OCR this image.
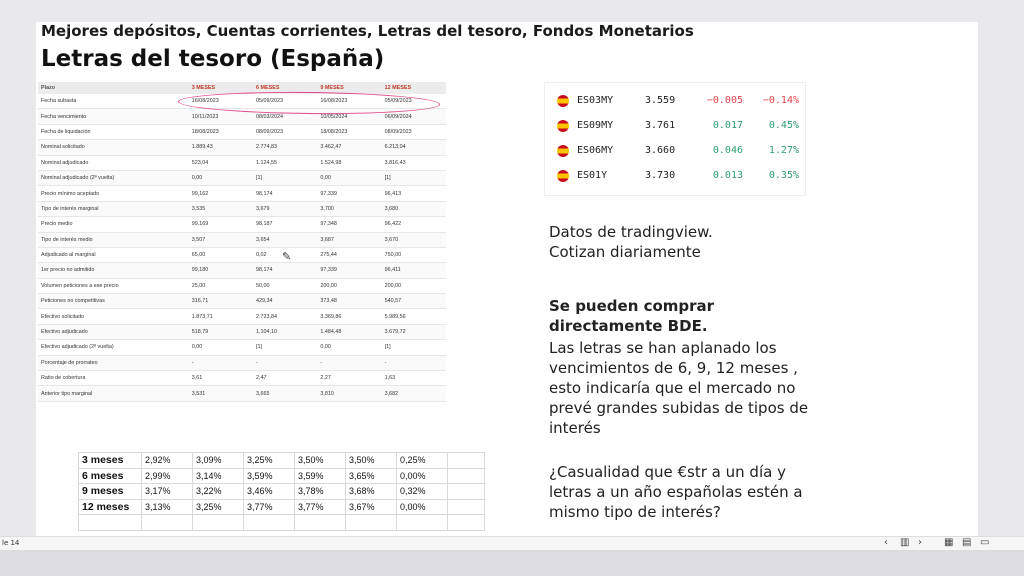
Mejores depósitos, Cuentas corrientes, Letras del tesoro, Fondos Monetarios
Letras del tesoro (España)
Plazo	3 MESES	6 MESES	9 MESES	12 MESES
Fecha subasta	16/08/2023	05/09/2023	16/08/2023	05/09/2023
Fecha vencimiento	10/11/2023	08/03/2024	10/05/2024	06/09/2024
Fecha de liquidación	18/08/2023	08/09/2023	18/08/2023	08/09/2023
Nominal solicitado	1.889,43	2.774,83	3.462,47	6.213,04
Nominal adjudicado	523,04	1.124,55	1.524,98	3.816,43
Nominal adjudicado (2ª vuelta)	0,00	[1]	0,00	[1]
Precio mínimo aceptado	99,162	98,174	97,339	96,413
Tipo de interés marginal	3,535	3,679	3,700	3,680
Precio medio	99,169	98,187	97,348	96,422
Tipo de interés medio	3,507	3,654	3,687	3,670
Adjudicado al marginal	65,00	0,02	275,44	750,00
1er precio no admitido	99,180	98,174	97,339	96,411
Volumen peticiones a ese precio	25,00	50,00	200,00	200,00
Peticiones no competitivas	316,71	429,34	373,48	540,57
Efectivo solicitado	1.873,71	2.723,84	3.369,86	5.989,56
Efectivo adjudicado	518,79	1.104,10	1.484,48	3.679,72
Efectivo adjudicado (2ª vuelta)	0,00	[1]	0,00	[1]
Porcentaje de prorrateo	-	-	-	-
Ratio de cobertura	3,61	2,47	2,27	1,63
Anterior tipo marginal	3,531	3,665	3,810	3,682
✎
ES03MY	3.559	−0.005 −0.14%
ES09MY	3.761	0.017	0.45%
ES06MY	3.660	0.046	1.27%
ES01Y	3.730	0.013	0.35%
Datos de tradingview.
Cotizan diariamente
Se pueden comprar
directamente BDE.
Las letras se han aplanado los
vencimientos de 6, 9, 12 meses ,
esto indicaría que el mercado no
prevé grandes subidas de tipos de
interés
¿Casualidad que €str a un día y
letras a un año españolas estén a
mismo tipo de interés?
3 meses	2,92%	3,09%	3,25%	3,50%	3,50%	0,25%	
6 meses	2,99%	3,14%	3,59%	3,59%	3,65%	0,00%	
9 meses	3,17%	3,22%	3,46%	3,78%	3,68%	0,32%	
12 meses	3,13%	3,25%	3,77%	3,77%	3,67%	0,00%	

le 14	‹ ▥ › ▦ ▤ ▭
